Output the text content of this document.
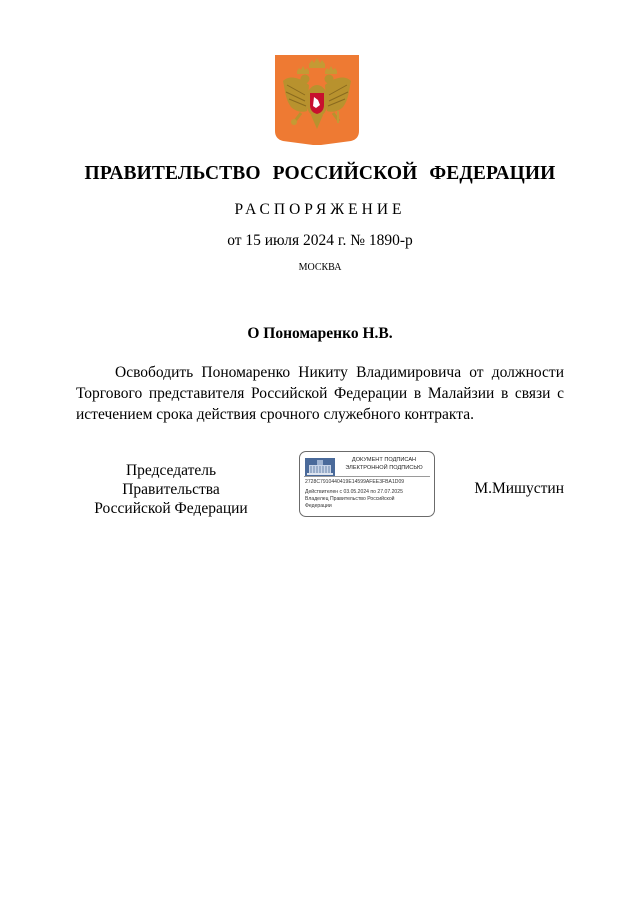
ПРАВИТЕЛЬСТВО РОССИЙСКОЙ ФЕДЕРАЦИИ
РАСПОРЯЖЕНИЕ
от 15 июля 2024 г. № 1890-р
МОСКВА
О Пономаренко Н.В.

Освободить Пономаренко Никиту Владимировича от должности Торгового представителя Российской Федерации в Малайзии в связи с истечением срока действия срочного служебного контракта.

Председатель Правительства
Российской Федерации
ДОКУМЕНТ ПОДПИСАН
ЭЛЕКТРОННОЙ ПОДПИСЬЮ
2728C7910440419E14599AFEE3FBA1D09
Действителен с 03.05.2024 по 27.07.2025
Владелец Правительство Российской
Федерации
М.Мишустин
